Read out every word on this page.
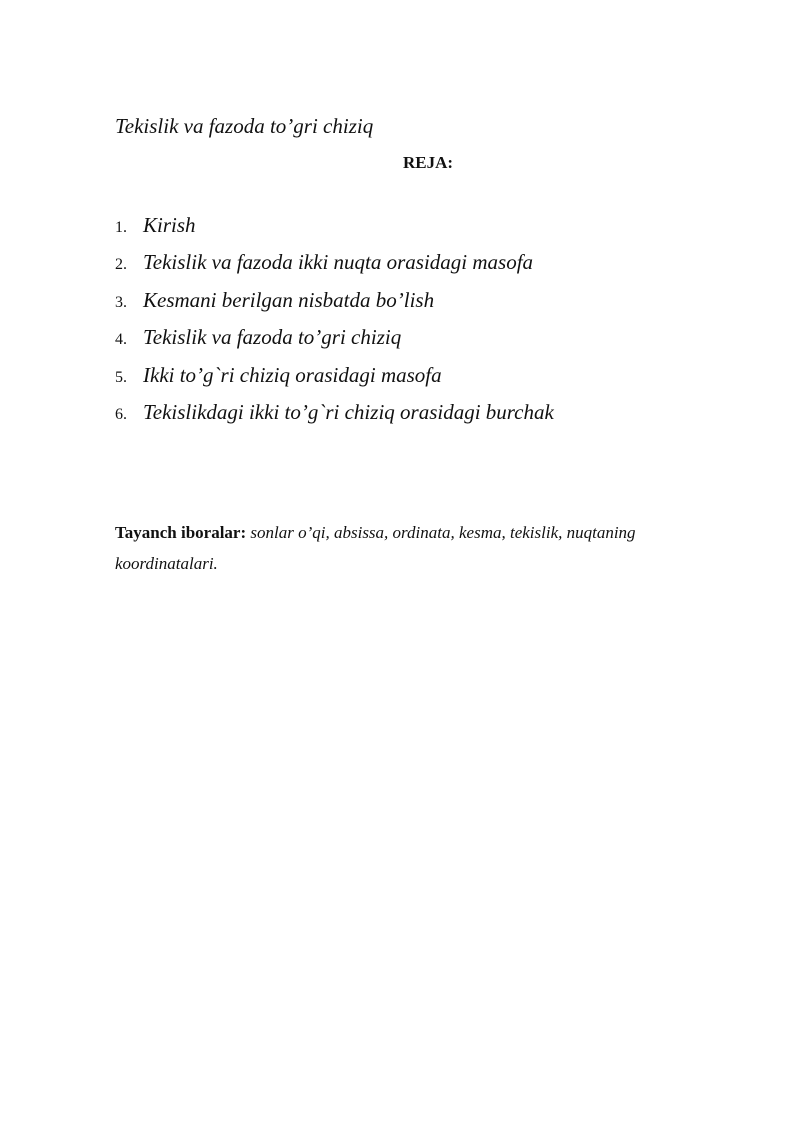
Tekislik va fazoda to’gri chiziq
REJA:
1. Kirish
2. Tekislik va fazoda ikki nuqta orasidagi masofa
3. Kesmani berilgan nisbatda bo’lish
4. Tekislik va fazoda to’gri chiziq
5. Ikki to’g`ri chiziq orasidagi masofa
6. Tekislikdagi ikki to’g`ri chiziq orasidagi burchak

Tayanch iboralar: sonlar o’qi, absissa, ordinata, kesma, tekislik, nuqtaning koordinatalari.
